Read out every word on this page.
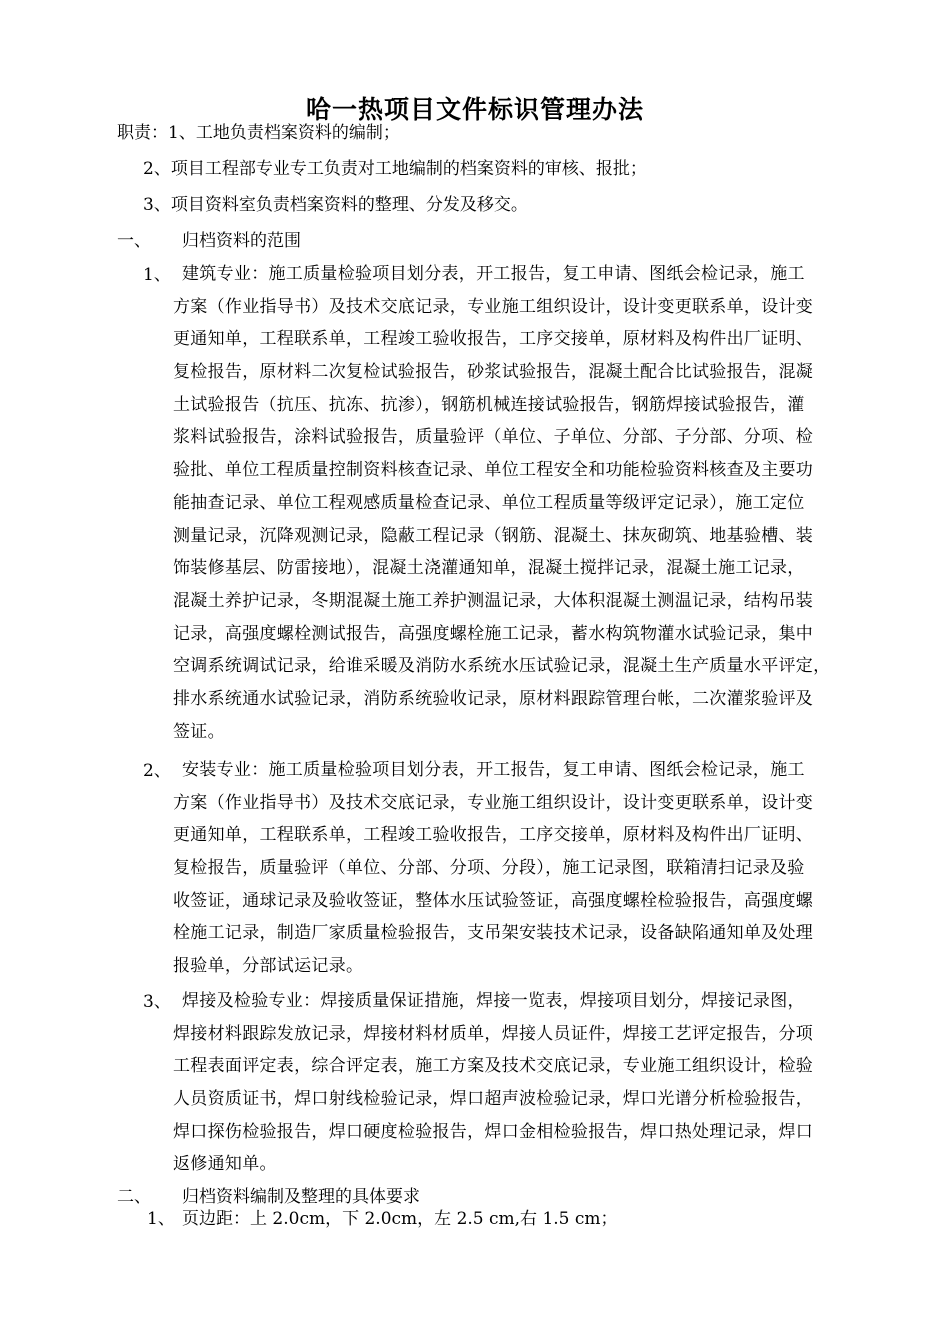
哈一热项目文件标识管理办法
职责：1、工地负责档案资料的编制；
2、项目工程部专业专工负责对工地编制的档案资料的审核、报批；
3、项目资料室负责档案资料的整理、分发及移交。
一、 归档资料的范围
1、 建筑专业：施工质量检验项目划分表，开工报告，复工申请、图纸会检记录，施工
方案（作业指导书）及技术交底记录，专业施工组织设计，设计变更联系单，设计变
更通知单，工程联系单，工程竣工验收报告，工序交接单，原材料及构件出厂证明、
复检报告，原材料二次复检试验报告，砂浆试验报告，混凝土配合比试验报告，混凝
土试验报告（抗压、抗冻、抗渗），钢筋机械连接试验报告，钢筋焊接试验报告，灌
浆料试验报告，涂料试验报告，质量验评（单位、子单位、分部、子分部、分项、检
验批、单位工程质量控制资料核查记录、单位工程安全和功能检验资料核查及主要功
能抽查记录、单位工程观感质量检查记录、单位工程质量等级评定记录），施工定位
测量记录，沉降观测记录，隐蔽工程记录（钢筋、混凝土、抹灰砌筑、地基验槽、装
饰装修基层、防雷接地），混凝土浇灌通知单，混凝土搅拌记录，混凝土施工记录，
混凝土养护记录，冬期混凝土施工养护测温记录，大体积混凝土测温记录，结构吊装
记录，高强度螺栓测试报告，高强度螺栓施工记录，蓄水构筑物灌水试验记录，集中
空调系统调试记录，给谁采暖及消防水系统水压试验记录，混凝土生产质量水平评定，
排水系统通水试验记录，消防系统验收记录，原材料跟踪管理台帐，二次灌浆验评及
签证。
2、 安装专业：施工质量检验项目划分表，开工报告，复工申请、图纸会检记录，施工
方案（作业指导书）及技术交底记录，专业施工组织设计，设计变更联系单，设计变
更通知单，工程联系单，工程竣工验收报告，工序交接单，原材料及构件出厂证明、
复检报告，质量验评（单位、分部、分项、分段），施工记录图，联箱清扫记录及验
收签证，通球记录及验收签证，整体水压试验签证，高强度螺栓检验报告，高强度螺
栓施工记录，制造厂家质量检验报告，支吊架安装技术记录，设备缺陷通知单及处理
报验单，分部试运记录。
3、 焊接及检验专业：焊接质量保证措施，焊接一览表，焊接项目划分，焊接记录图，
焊接材料跟踪发放记录，焊接材料材质单，焊接人员证件，焊接工艺评定报告，分项
工程表面评定表，综合评定表，施工方案及技术交底记录，专业施工组织设计，检验
人员资质证书，焊口射线检验记录，焊口超声波检验记录，焊口光谱分析检验报告，
焊口探伤检验报告，焊口硬度检验报告，焊口金相检验报告，焊口热处理记录，焊口
返修通知单。
二、 归档资料编制及整理的具体要求
1、 页边距：上 2.0cm，下 2.0cm，左 2.5 cm,右 1.5 cm；
